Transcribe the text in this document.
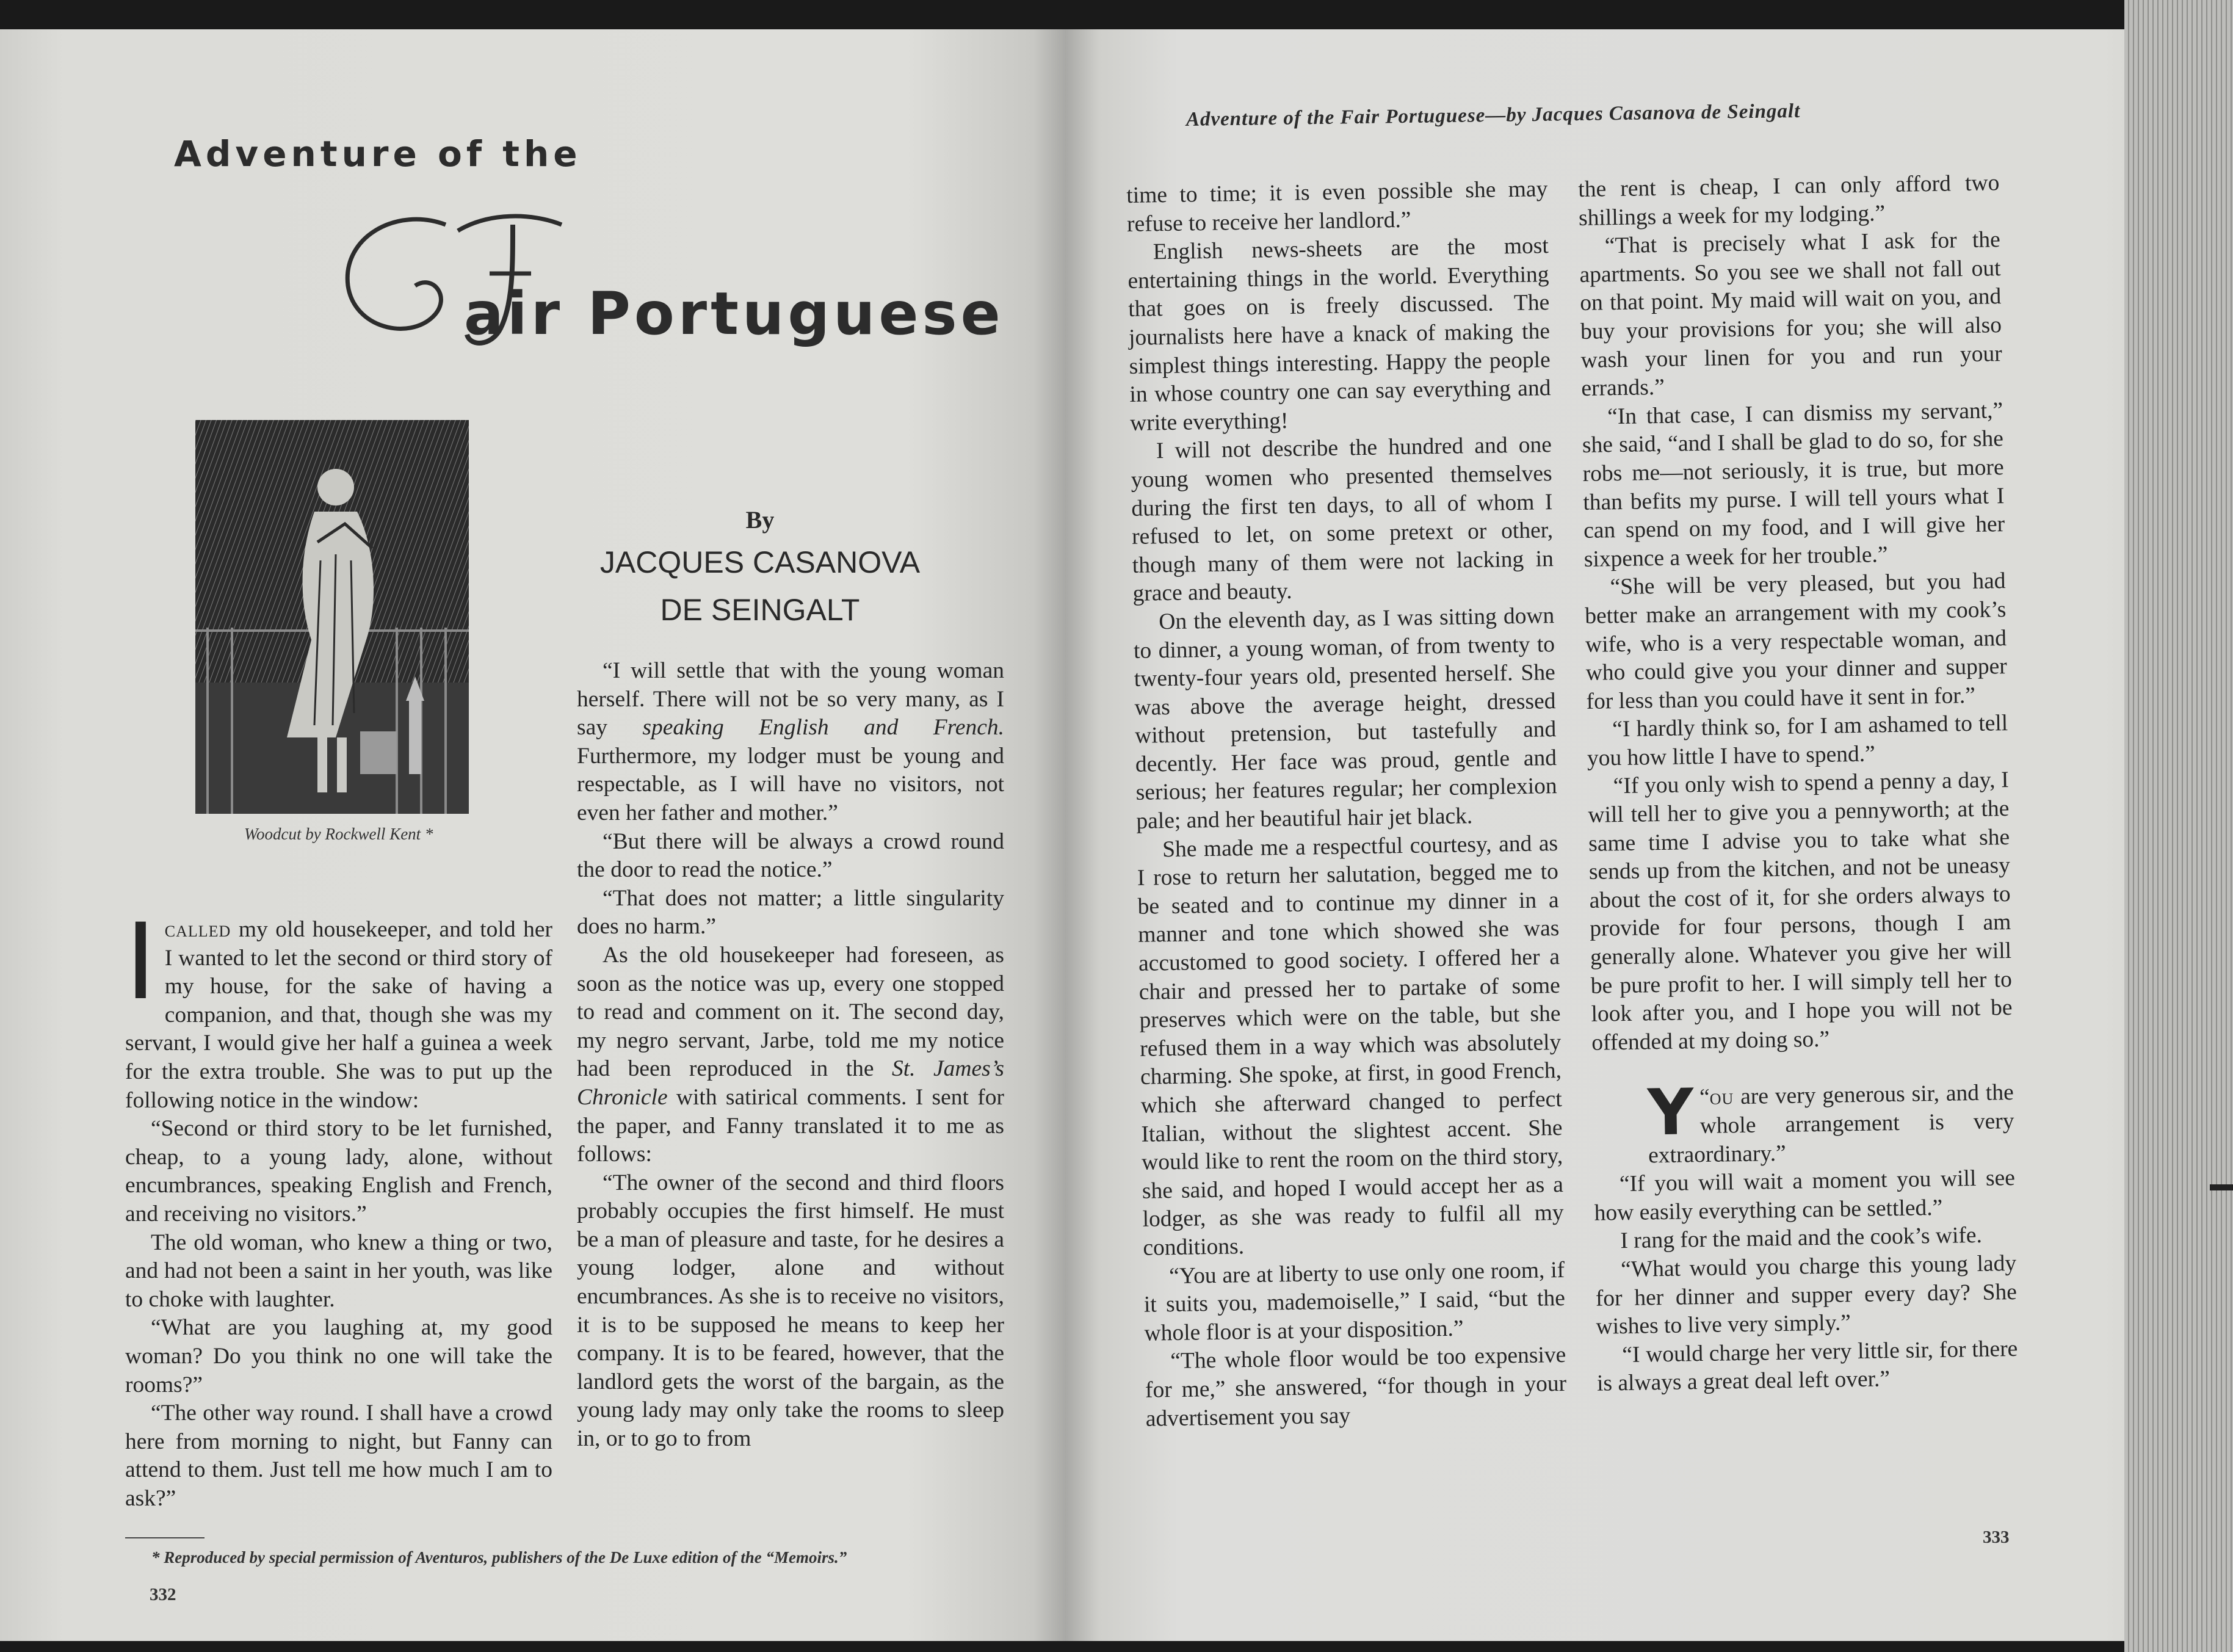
Adventure of the
air Portuguese
Woodcut by Rockwell Kent *
By
JACQUES CASANOVA
DE SEINGALT

Icalled my old housekeeper, and told her I wanted to let the second or third story of my house, for the sake of having a companion, and that, though she was my servant, I would give her half a guinea a week for the extra trouble. She was to put up the following notice in the window:

“Second or third story to be let furnished, cheap, to a young lady, alone, without encumbrances, speaking English and French, and receiving no visitors.”

The old woman, who knew a thing or two, and had not been a saint in her youth, was like to choke with laughter.

“What are you laughing at, my good woman? Do you think no one will take the rooms?”

“The other way round. I shall have a crowd here from morning to night, but Fanny can attend to them. Just tell me how much I am to ask?”

“I will settle that with the young woman herself. There will not be so very many, as I say speaking English and French. Furthermore, my lodger must be young and respectable, as I will have no visitors, not even her father and mother.”

“But there will be always a crowd round the door to read the notice.”

“That does not matter; a little singularity does no harm.”

As the old housekeeper had foreseen, as soon as the notice was up, every one stopped to read and comment on it. The second day, my negro servant, Jarbe, told me my notice had been reproduced in the St. James’s Chronicle with satirical comments. I sent for the paper, and Fanny translated it to me as follows:

“The owner of the second and third floors probably occupies the first himself. He must be a man of pleasure and taste, for he desires a young lodger, alone and without encumbrances. As she is to receive no visitors, it is to be supposed he means to keep her company. It is to be feared, however, that the landlord gets the worst of the bargain, as the young lady may only take the rooms to sleep in, or to go to from

* Reproduced by special permission of Aventuros, publishers of the De Luxe edition of the “Memoirs.”
332
Adventure of the Fair Portuguese—by Jacques Casanova de Seingalt

time to time; it is even possible she may refuse to receive her landlord.”

English news-sheets are the most entertaining things in the world. Everything that goes on is freely discussed. The journalists here have a knack of making the simplest things interesting. Happy the people in whose country one can say everything and write everything!

I will not describe the hundred and one young women who presented themselves during the first ten days, to all of whom I refused to let, on some pretext or other, though many of them were not lacking in grace and beauty.

On the eleventh day, as I was sitting down to dinner, a young woman, of from twenty to twenty-four years old, presented herself. She was above the average height, dressed without pretension, but tastefully and decently. Her face was proud, gentle and serious; her features regular; her complexion pale; and her beautiful hair jet black.

She made me a respectful courtesy, and as I rose to return her salutation, begged me to be seated and to continue my dinner in a manner and tone which showed she was accustomed to good society. I offered her a chair and pressed her to partake of some preserves which were on the table, but she refused them in a way which was absolutely charming. She spoke, at first, in good French, which she afterward changed to perfect Italian, without the slightest accent. She would like to rent the room on the third story, she said, and hoped I would accept her as a lodger, as she was ready to fulfil all my conditions.

“You are at liberty to use only one room, if it suits you, mademoiselle,” I said, “but the whole floor is at your disposition.”

“The whole floor would be too expensive for me,” she answered, “for though in your advertisement you say

the rent is cheap, I can only afford two shillings a week for my lodging.”

“That is precisely what I ask for the apartments. So you see we shall not fall out on that point. My maid will wait on you, and buy your provisions for you; she will also wash your linen for you and run your errands.”

“In that case, I can dismiss my servant,” she said, “and I shall be glad to do so, for she robs me—not seriously, it is true, but more than befits my purse. I will tell yours what I can spend on my food, and I will give her sixpence a week for her trouble.”

“She will be very pleased, but you had better make an arrangement with my cook’s wife, who is a very respectable woman, and who could give you your dinner and supper for less than you could have it sent in for.”

“I hardly think so, for I am ashamed to tell you how little I have to spend.”

“If you only wish to spend a penny a day, I will tell her to give you a pennyworth; at the same time I advise you to take what she sends up from the kitchen, and not be uneasy about the cost of it, for she orders always to provide for four persons, though I am generally alone. Whatever you give her will be pure profit to her. I will simply tell her to look after you, and I hope you will not be offended at my doing so.”

“
Y ou are very generous sir, and the whole arrangement is very extraordinary.”

“If you will wait a moment you will see how easily everything can be settled.”

I rang for the maid and the cook’s wife.

“What would you charge this young lady for her dinner and supper every day? She wishes to live very simply.”

“I would charge her very little sir, for there is always a great deal left over.”

333
